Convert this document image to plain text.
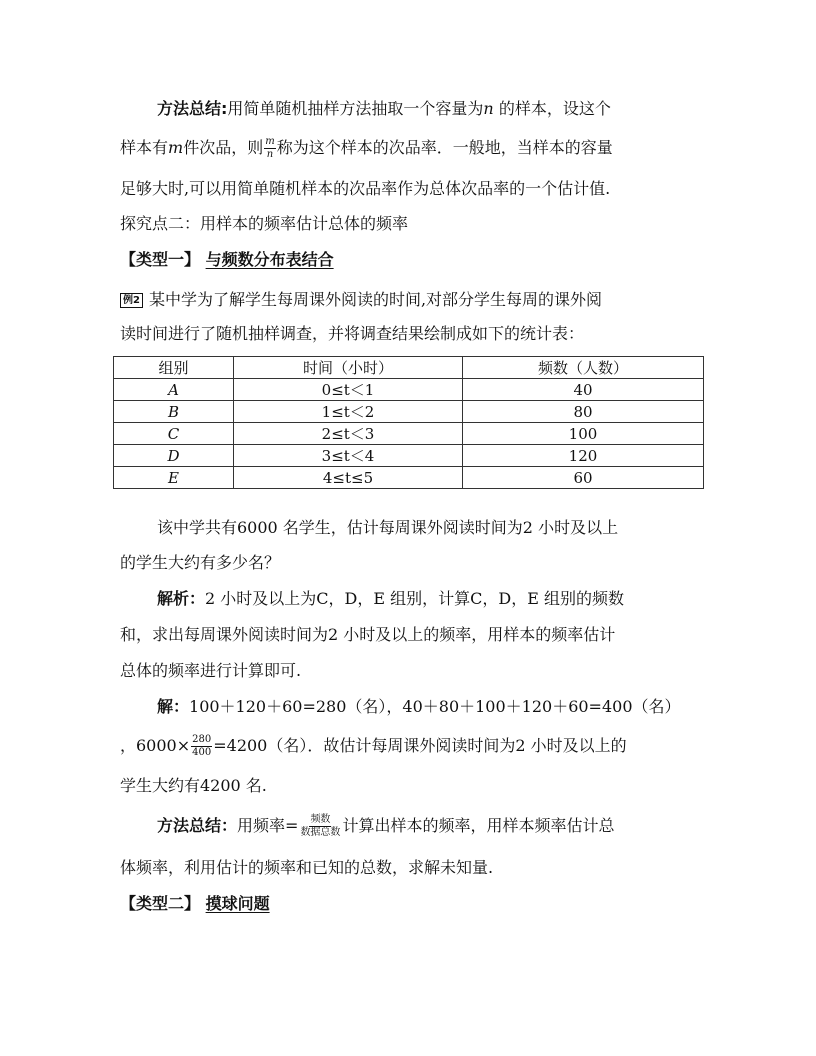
方法总结:用简单随机抽样方法抽取一个容量为n 的样本，设这个
样本有m件次品，则 $\frac{m}{n}$ 称为这个样本的次品率．一般地，当样本的容量
足够大时,可以用简单随机样本的次品率作为总体次品率的一个估计值.
探究点二：用样本的频率估计总体的频率
【类型一】 与频数分布表结合
例2 某中学为了解学生每周课外阅读的时间,对部分学生每周的课外阅
读时间进行了随机抽样调查，并将调查结果绘制成如下的统计表：
组别	时间（小时）	频数（人数）
A	0≤t＜1	40
B	1≤t＜2	80
C	2≤t＜3	100
D	3≤t＜4	120
E	4≤t≤5	60
该中学共有6000 名学生，估计每周课外阅读时间为2 小时及以上
的学生大约有多少名？
解析：2 小时及以上为C，D，E 组别，计算C，D，E 组别的频数
和，求出每周课外阅读时间为2 小时及以上的频率，用样本的频率估计
总体的频率进行计算即可.
解：100＋120＋60=280（名），40＋80＋100＋120＋60=400（名）
，$6000\times \frac{280}{400} =4200$（名）．故估计每周课外阅读时间为2 小时及以上的
学生大约有4200 名.
方法总结：用频率= $\frac{\text{频数}}{\text{数据总数}}$ 计算出样本的频率，用样本频率估计总
体频率，利用估计的频率和已知的总数，求解未知量.
【类型二】 摸球问题
